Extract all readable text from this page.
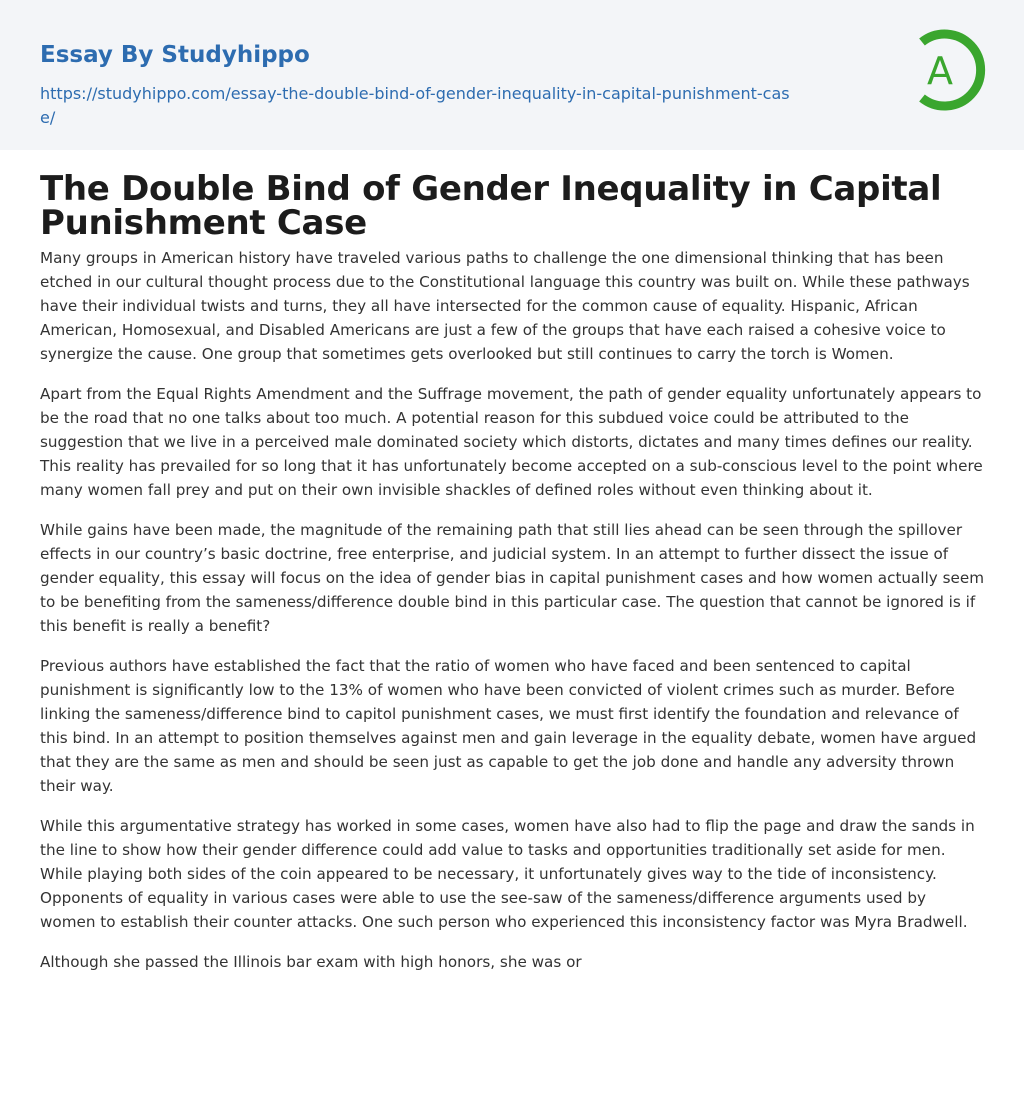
Essay By Studyhippo
https://studyhippo.com/essay-the-double-bind-of-gender-inequality-in-capital-punishment-case/
A
The Double Bind of Gender Inequality in Capital Punishment Case

Many groups in American history have traveled various paths to challenge the one dimensional thinking that has been etched in our cultural thought process due to the Constitutional language this country was built on. While these pathways have their individual twists and turns, they all have intersected for the common cause of equality. Hispanic, African American, Homosexual, and Disabled Americans are just a few of the groups that have each raised a cohesive voice to synergize the cause. One group that sometimes gets overlooked but still continues to carry the torch is Women.

Apart from the Equal Rights Amendment and the Suffrage movement, the path of gender equality unfortunately appears to be the road that no one talks about too much. A potential reason for this subdued voice could be attributed to the suggestion that we live in a perceived male dominated society which distorts, dictates and many times defines our reality. This reality has prevailed for so long that it has unfortunately become accepted on a sub-conscious level to the point where many women fall prey and put on their own invisible shackles of defined roles without even thinking about it.

While gains have been made, the magnitude of the remaining path that still lies ahead can be seen through the spillover effects in our country’s basic doctrine, free enterprise, and judicial system. In an attempt to further dissect the issue of gender equality, this essay will focus on the idea of gender bias in capital punishment cases and how women actually seem to be benefiting from the sameness/difference double bind in this particular case. The question that cannot be ignored is if this benefit is really a benefit?

Previous authors have established the fact that the ratio of women who have faced and been sentenced to capital punishment is significantly low to the 13% of women who have been convicted of violent crimes such as murder. Before linking the sameness/difference bind to capitol punishment cases, we must first identify the foundation and relevance of this bind. In an attempt to position themselves against men and gain leverage in the equality debate, women have argued that they are the same as men and should be seen just as capable to get the job done and handle any adversity thrown their way.

While this argumentative strategy has worked in some cases, women have also had to flip the page and draw the sands in the line to show how their gender difference could add value to tasks and opportunities traditionally set aside for men. While playing both sides of the coin appeared to be necessary, it unfortunately gives way to the tide of inconsistency. Opponents of equality in various cases were able to use the see-saw of the sameness/difference arguments used by women to establish their counter attacks. One such person who experienced this inconsistency factor was Myra Bradwell.

Although she passed the Illinois bar exam with high honors, she was or
